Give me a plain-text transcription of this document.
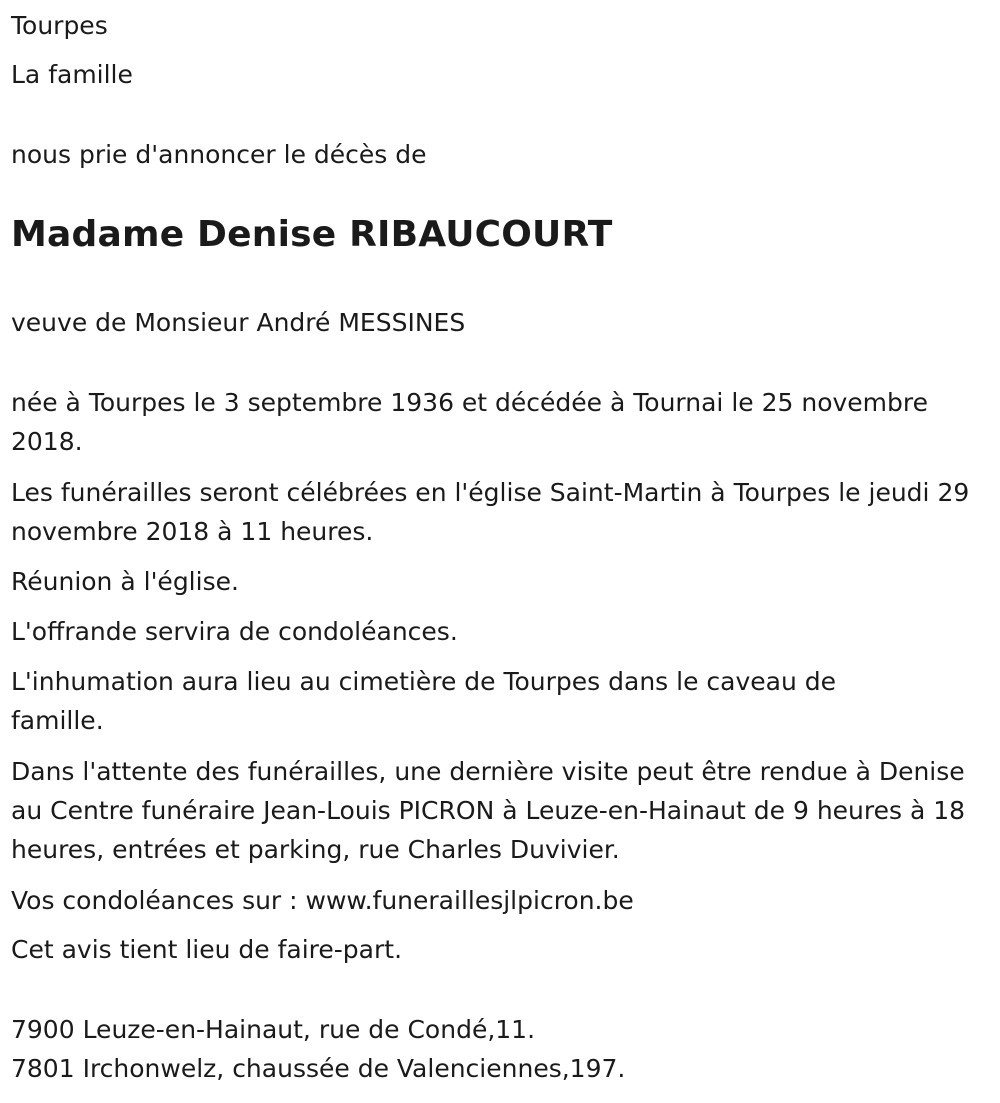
Tourpes

La famille

nous prie d'annoncer le décès de

Madame Denise RIBAUCOURT

veuve de Monsieur André MESSINES

née à Tourpes le 3 septembre 1936 et décédée à Tournai le 25 novembre 2018.

Les funérailles seront célébrées en l'église Saint-Martin à Tourpes le jeudi 29 novembre 2018 à 11 heures.

Réunion à l'église.

L'offrande servira de condoléances.

L'inhumation aura lieu au cimetière de Tourpes dans le caveau de famille.

Dans l'attente des funérailles, une dernière visite peut être rendue à Denise au Centre funéraire Jean-Louis PICRON à Leuze-en-Hainaut de 9 heures à 18 heures, entrées et parking, rue Charles Duvivier.

Vos condoléances sur : www.funeraillesjlpicron.be

Cet avis tient lieu de faire-part.

7900 Leuze-en-Hainaut, rue de Condé,11.

7801 Irchonwelz, chaussée de Valenciennes,197.
